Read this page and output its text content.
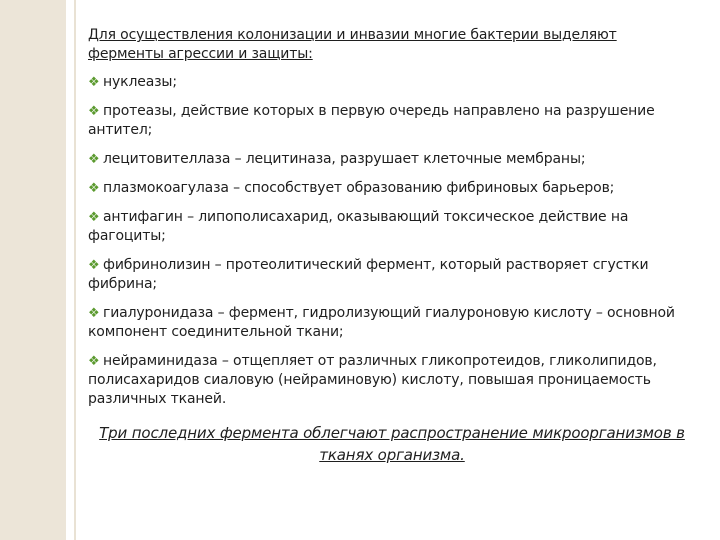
Для осуществления колонизации и инвазии многие бактерии выделяют ферменты агрессии и защиты:

❖ нуклеазы;
❖ протеазы, действие которых в первую очередь направлено на разрушение антител;
❖ лецитовителлаза – лецитиназа, разрушает клеточные мембраны;
❖ плазмокоагулаза – способствует образованию фибриновых барьеров;
❖ антифагин – липополисахарид, оказывающий токсическое действие на фагоциты;
❖ фибринолизин – протеолитический фермент, который растворяет сгустки фибрина;
❖ гиалуронидаза – фермент, гидролизующий гиалуроновую кислоту – основной компонент соединительной ткани;
❖ нейраминидаза – отщепляет от различных гликопротеидов, гликолипидов, полисахаридов сиаловую (нейраминовую) кислоту, повышая проницаемость различных тканей.

Три последних фермента облегчают распространение микроорганизмов в тканях организма.
